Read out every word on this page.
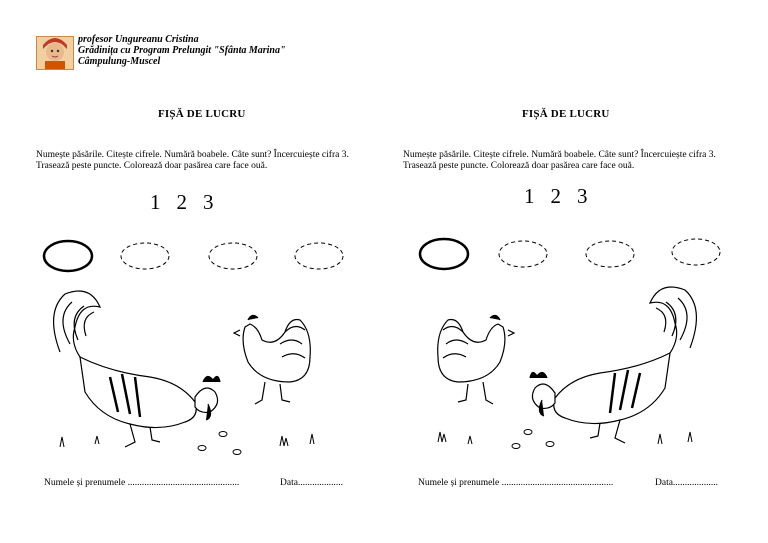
profesor Ungureanu Cristina
Grădinița cu Program Prelungit "Sfânta Marina"
Câmpulung-Muscel
FIȘĂ DE LUCRU
Numește păsările. Citește cifrele. Numără boabele. Câte sunt? Încercuiește cifra 3.
Trasează peste puncte. Colorează doar pasărea care face ouă.
1 2 3
Numele și prenumele ...............................................	Data...................
FIȘĂ DE LUCRU
Numește păsările. Citește cifrele. Numără boabele. Câte sunt? Încercuiește cifra 3.
Trasează peste puncte. Colorează doar pasărea care face ouă.
1 2 3
Numele și prenumele ...............................................	Data...................
